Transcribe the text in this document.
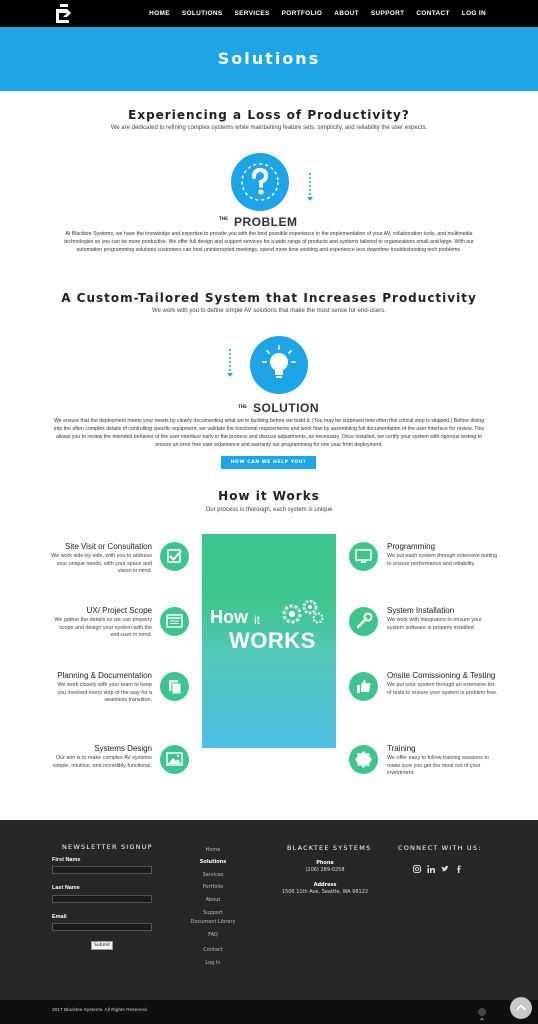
HOME SOLUTIONS SERVICES PORTFOLIO ABOUT SUPPORT CONTACT LOG IN
Solutions
Experiencing a Loss of Productivity?
We are dedicated to refining complex systems while maintaining feature sets, simplicity, and reliability the user expects.
THE PROBLEM
At Blacktee Systems, we have the knowledge and expertise to provide you with the best possible experience in the implementation of your AV, collaboration tools, and multimedia technologies so you can be more productive. We offer full design and support services for a wide range of products and systems tailored to organizations small and large. With our automation programming solutions customers can host uninterrupted meetings, spend more time working and experience less downtime troubleshooting tech problems.
A Custom-Tailored System that Increases Productivity
We work with you to define simple AV solutions that make the most sense for end-users.
THE SOLUTION
We ensure that the deployment meets your needs by clearly documenting what we're building before we build it. (You may be surprised how often this critical step is skipped.) Before diving into the often complex details of controlling specific equipment, we validate the functional requirements and work flow by assembling full documentation of the user interface for review. This allows you to review the intended behavior of the user interface early in the process and discuss adjustments, as necessary. Once installed, we certify your system with rigorous testing to ensure an error free user experience and warranty our programming for one year from deployment.
HOW CAN WE HELP YOU?
How it Works
Our process is thorough, each system is unique
Site Visit or Consultation
We work side-by-side, with you to address your unique needs, with your space and vision in mind.
UX/ Project Scope
We gather the details so we can properly scope and design your system with the end-user in mind.
Planning & Documentation
We work closely with your team to keep you involved every step of the way for a seamless transition.
Systems Design
Our aim is to make complex AV systems simple, intuitive, and incredibly functional.
How it
WORKS
Programming
We put each system through extensive testing to ensure performance and reliability.
System Installation
We work with integrators to ensure your system software is properly installed.
Onsite Comissioning & Testing
We put your system through an extensive list of tests to ensure your system is problem free.
Training
We offer easy to follow training sessions to make sure you get the most out of your investment.
NEWSLETTER SIGNUP
First Name
Last Name
Email
Submit
Home
Solutions
Services
Portfolio
About
Support
Document Library
FAQ
Contact
Log In
BLACKTEE SYSTEMS
Phone
(206) 289-0258
Address
1506 11th Ave, Seattle, WA 98122
CONNECT WITH US:
2017 Blacktee Systems. All Rights Reserved.
